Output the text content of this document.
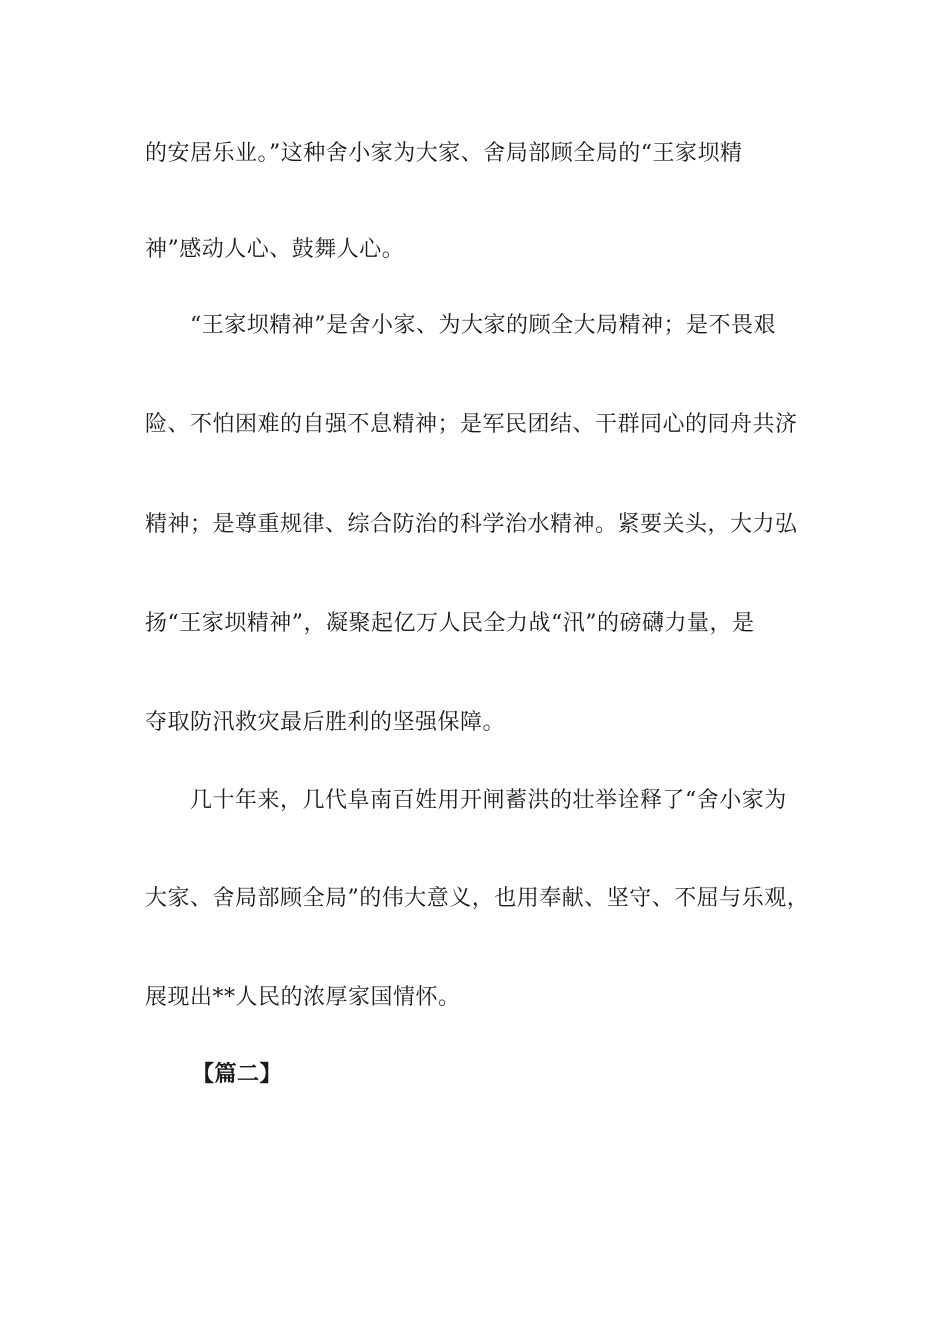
的安居乐业。”这种舍小家为大家、舍局部顾全局的“王家坝精
神”感动人心、鼓舞人心。
“王家坝精神”是舍小家、为大家的顾全大局精神；是不畏艰
险、不怕困难的自强不息精神；是军民团结、干群同心的同舟共济
精神；是尊重规律、综合防治的科学治水精神。紧要关头，大力弘
扬“王家坝精神”，凝聚起亿万人民全力战“汛”的磅礴力量，是
夺取防汛救灾最后胜利的坚强保障。
几十年来，几代阜南百姓用开闸蓄洪的壮举诠释了“舍小家为
大家、舍局部顾全局”的伟大意义，也用奉献、坚守、不屈与乐观，
展现出**人民的浓厚家国情怀。
【篇二】
